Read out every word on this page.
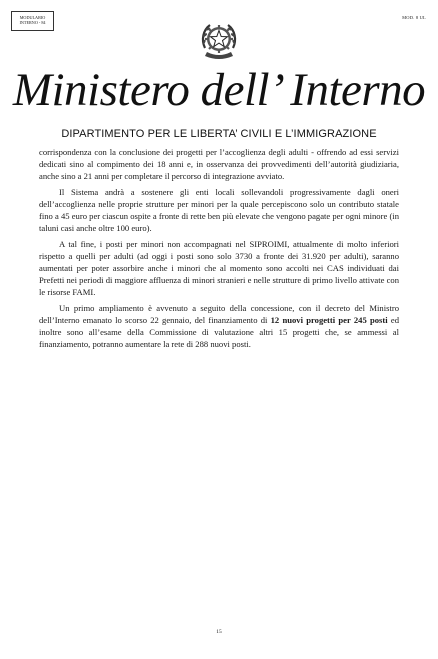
MODULARIO
INTERNO - 84
MOD. 8 UL
Ministero dell’ Interno
DIPARTIMENTO PER LE LIBERTA’ CIVILI E L’IMMIGRAZIONE

corrispondenza con la conclusione dei progetti per l’accoglienza degli adulti - offrendo ad essi servizi dedicati sino al compimento dei 18 anni e, in osservanza dei provvedimenti dell’autorità giudiziaria, anche sino a 21 anni per completare il percorso di integrazione avviato.

Il Sistema andrà a sostenere gli enti locali sollevandoli progressivamente dagli oneri dell’accoglienza nelle proprie strutture per minori per la quale percepiscono solo un contributo statale fino a 45 euro per ciascun ospite a fronte di rette ben più elevate che vengono pagate per ogni minore (in taluni casi anche oltre 100 euro).

A tal fine, i posti per minori non accompagnati nel SIPROIMI, attualmente di molto inferiori rispetto a quelli per adulti (ad oggi i posti sono solo 3730 a fronte dei 31.920 per adulti), saranno aumentati per poter assorbire anche i minori che al momento sono accolti nei CAS individuati dai Prefetti nei periodi di maggiore affluenza di minori stranieri e nelle strutture di primo livello attivate con le risorse FAMI.

Un primo ampliamento è avvenuto a seguito della concessione, con il decreto del Ministro dell’Interno emanato lo scorso 22 gennaio, del finanziamento di 12 nuovi progetti per 245 posti ed inoltre sono all’esame della Commissione di valutazione altri 15 progetti che, se ammessi al finanziamento, potranno aumentare la rete di 288 nuovi posti.

15
